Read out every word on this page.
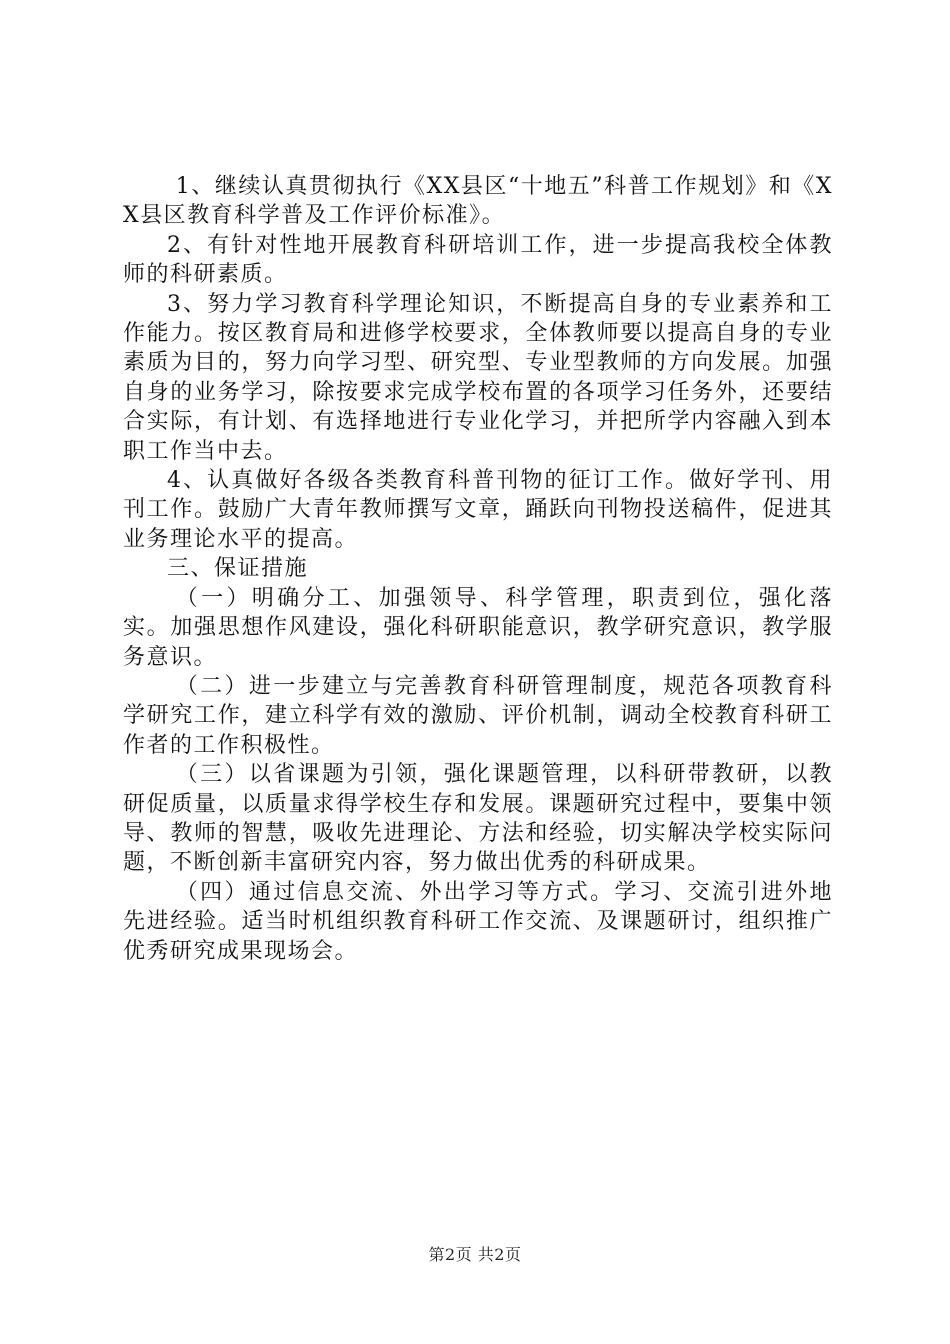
1、继续认真贯彻执行《XX县区“十地五”科普工作规划》和《XX县区教育科学普及工作评价标准》。

2、有针对性地开展教育科研培训工作，进一步提高我校全体教师的科研素质。

3、努力学习教育科学理论知识，不断提高自身的专业素养和工作能力。按区教育局和进修学校要求，全体教师要以提高自身的专业素质为目的，努力向学习型、研究型、专业型教师的方向发展。加强自身的业务学习，除按要求完成学校布置的各项学习任务外，还要结合实际，有计划、有选择地进行专业化学习，并把所学内容融入到本职工作当中去。

4、认真做好各级各类教育科普刊物的征订工作。做好学刊、用刊工作。鼓励广大青年教师撰写文章，踊跃向刊物投送稿件，促进其业务理论水平的提高。

三、保证措施

（一）明确分工、加强领导、科学管理，职责到位，强化落实。加强思想作风建设，强化科研职能意识，教学研究意识，教学服务意识。

（二）进一步建立与完善教育科研管理制度，规范各项教育科学研究工作，建立科学有效的激励、评价机制，调动全校教育科研工作者的工作积极性。

（三）以省课题为引领，强化课题管理，以科研带教研，以教研促质量，以质量求得学校生存和发展。课题研究过程中，要集中领导、教师的智慧，吸收先进理论、方法和经验，切实解决学校实际问题，不断创新丰富研究内容，努力做出优秀的科研成果。

（四）通过信息交流、外出学习等方式。学习、交流引进外地先进经验。适当时机组织教育科研工作交流、及课题研讨，组织推广优秀研究成果现场会。

第2页 共2页
